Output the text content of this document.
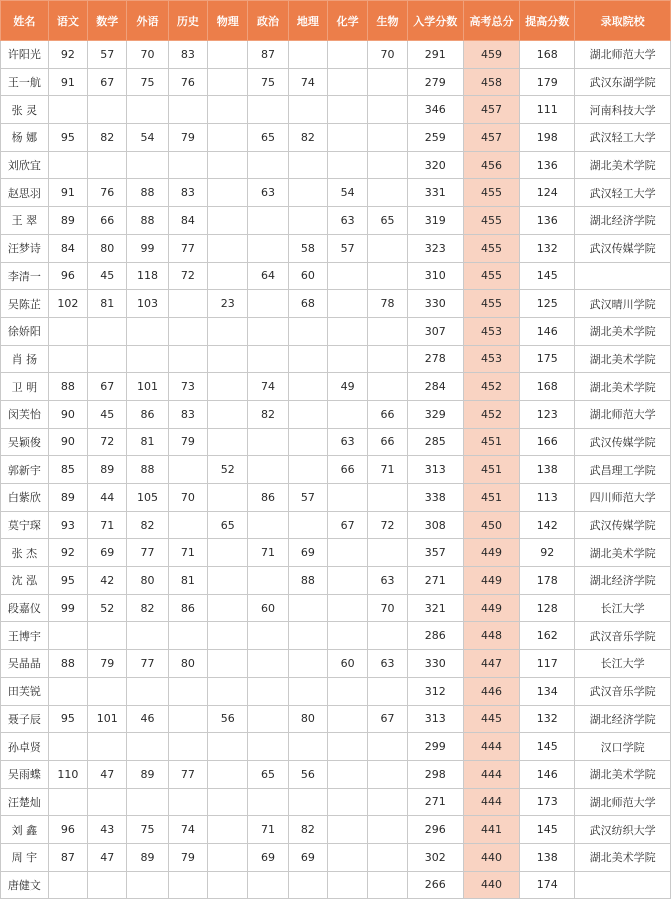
姓名	语文	数学	外语	历史	物理	政治	地理	化学	生物	入学分数	高考总分	提高分数	录取院校
许阳光	92	57	70	83		87			70	291	459	168	湖北师范大学
王一航	91	67	75	76		75	74			279	458	179	武汉东湖学院
张 灵										346	457	111	河南科技大学
杨 娜	95	82	54	79		65	82			259	457	198	武汉轻工大学
刘欣宜										320	456	136	湖北美术学院
赵思羽	91	76	88	83		63		54		331	455	124	武汉轻工大学
王 翠	89	66	88	84				63	65	319	455	136	湖北经济学院
汪梦诗	84	80	99	77			58	57		323	455	132	武汉传媒学院
李清一	96	45	118	72		64	60			310	455	145	
吴陈芷	102	81	103		23		68		78	330	455	125	武汉晴川学院
徐娇阳										307	453	146	湖北美术学院
肖 扬										278	453	175	湖北美术学院
卫 明	88	67	101	73		74		49		284	452	168	湖北美术学院
闵芙怡	90	45	86	83		82			66	329	452	123	湖北师范大学
吴颖俊	90	72	81	79				63	66	285	451	166	武汉传媒学院
郭新宇	85	89	88		52			66	71	313	451	138	武昌理工学院
白紫欣	89	44	105	70		86	57			338	451	113	四川师范大学
莫宁琛	93	71	82		65			67	72	308	450	142	武汉传媒学院
张 杰	92	69	77	71		71	69			357	449	92	湖北美术学院
沈 泓	95	42	80	81			88		63	271	449	178	湖北经济学院
段嘉仪	99	52	82	86		60			70	321	449	128	长江大学
王博宇										286	448	162	武汉音乐学院
吴晶晶	88	79	77	80				60	63	330	447	117	长江大学
田芙锐										312	446	134	武汉音乐学院
聂子辰	95	101	46		56		80		67	313	445	132	湖北经济学院
孙卓贤										299	444	145	汉口学院
吴雨蝶	110	47	89	77		65	56			298	444	146	湖北美术学院
汪楚灿										271	444	173	湖北师范大学
刘 鑫	96	43	75	74		71	82			296	441	145	武汉纺织大学
周 宇	87	47	89	79		69	69			302	440	138	湖北美术学院
唐健文										266	440	174	
